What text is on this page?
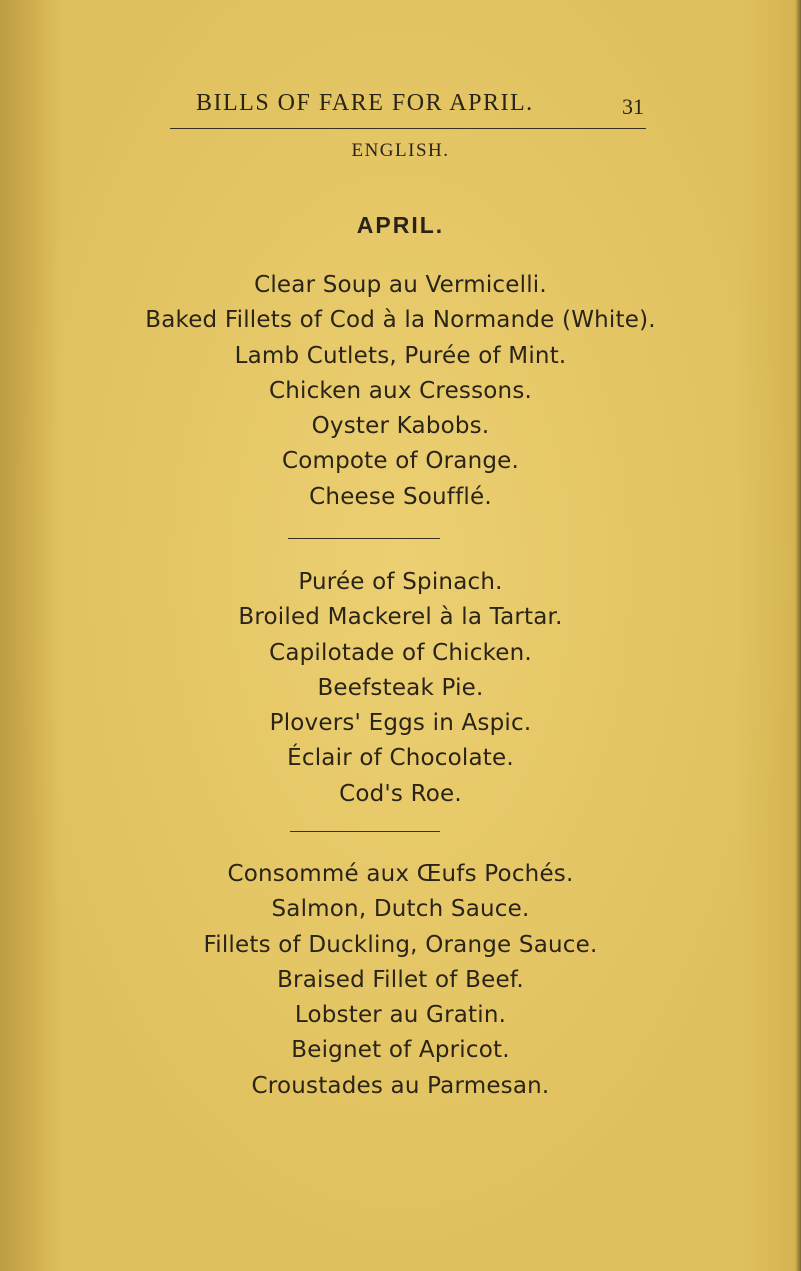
BILLS OF FARE FOR APRIL.	31
ENGLISH.
APRIL.
Clear Soup au Vermicelli.
Baked Fillets of Cod à la Normande (White).
Lamb Cutlets, Purée of Mint.
Chicken aux Cressons.
Oyster Kabobs.
Compote of Orange.
Cheese Soufflé.
Purée of Spinach.
Broiled Mackerel à la Tartar.
Capilotade of Chicken.
Beefsteak Pie.
Plovers' Eggs in Aspic.
Éclair of Chocolate.
Cod's Roe.
Consommé aux Œufs Pochés.
Salmon, Dutch Sauce.
Fillets of Duckling, Orange Sauce.
Braised Fillet of Beef.
Lobster au Gratin.
Beignet of Apricot.
Croustades au Parmesan.
